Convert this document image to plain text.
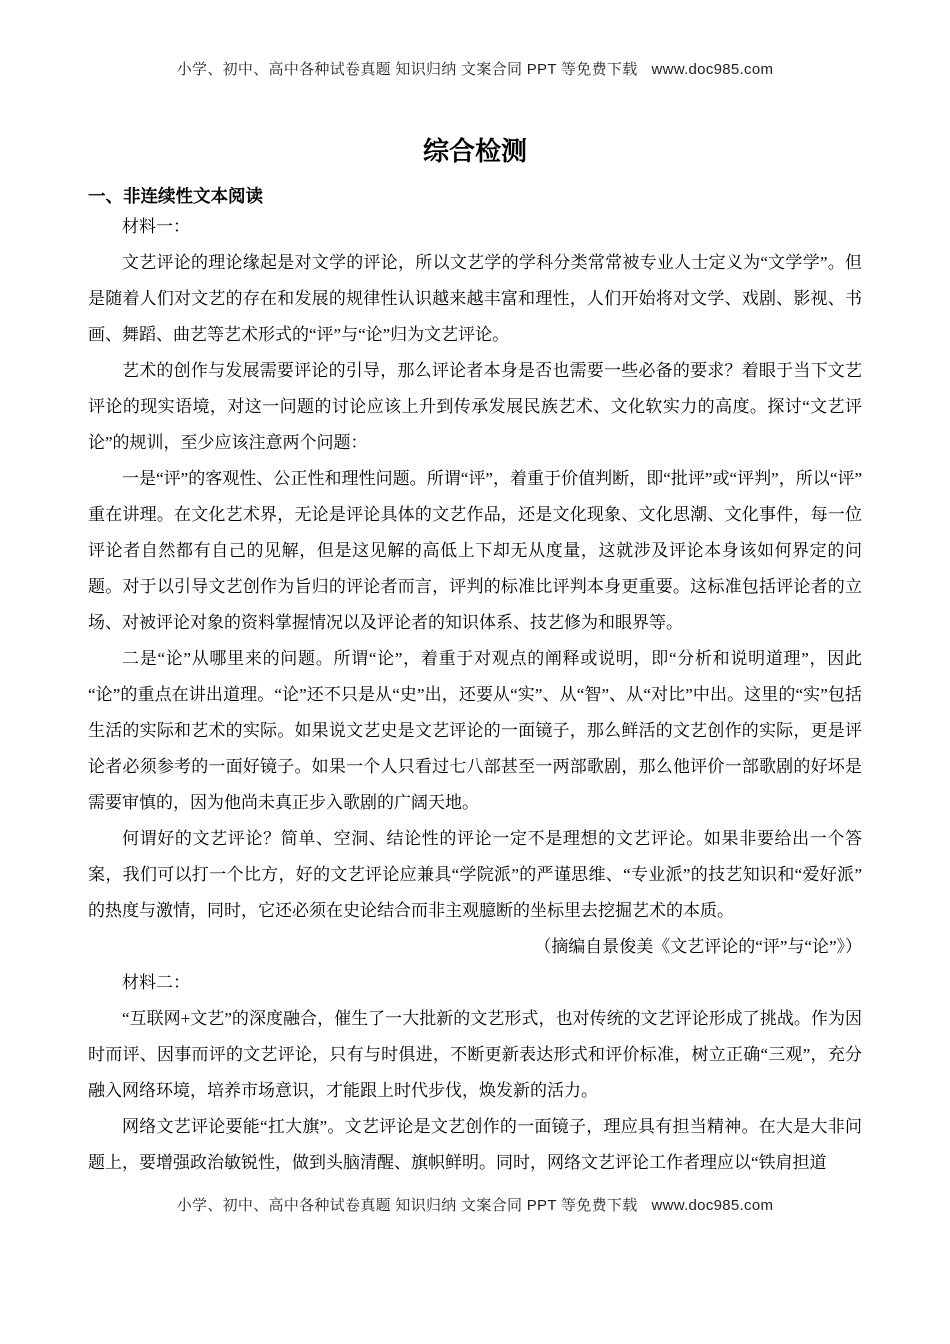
小学、初中、高中各种试卷真题 知识归纳 文案合同 PPT 等免费下载 www.doc985.com
综合检测
一、非连续性文本阅读

材料一：

文艺评论的理论缘起是对文学的评论，所以文艺学的学科分类常常被专业人士定义为“文学学”。但是随着人们对文艺的存在和发展的规律性认识越来越丰富和理性，人们开始将对文学、戏剧、影视、书画、舞蹈、曲艺等艺术形式的“评”与“论”归为文艺评论。

艺术的创作与发展需要评论的引导，那么评论者本身是否也需要一些必备的要求？着眼于当下文艺评论的现实语境，对这一问题的讨论应该上升到传承发展民族艺术、文化软实力的高度。探讨“文艺评论”的规训，至少应该注意两个问题：

一是“评”的客观性、公正性和理性问题。所谓“评”，着重于价值判断，即“批评”或“评判”，所以“评”重在讲理。在文化艺术界，无论是评论具体的文艺作品，还是文化现象、文化思潮、文化事件，每一位评论者自然都有自己的见解，但是这见解的高低上下却无从度量，这就涉及评论本身该如何界定的问题。对于以引导文艺创作为旨归的评论者而言，评判的标准比评判本身更重要。这标准包括评论者的立场、对被评论对象的资料掌握情况以及评论者的知识体系、技艺修为和眼界等。

二是“论”从哪里来的问题。所谓“论”，着重于对观点的阐释或说明，即“分析和说明道理”，因此“论”的重点在讲出道理。“论”还不只是从“史”出，还要从“实”、从“智”、从“对比”中出。这里的“实”包括生活的实际和艺术的实际。如果说文艺史是文艺评论的一面镜子，那么鲜活的文艺创作的实际，更是评论者必须参考的一面好镜子。如果一个人只看过七八部甚至一两部歌剧，那么他评价一部歌剧的好坏是需要审慎的，因为他尚未真正步入歌剧的广阔天地。

何谓好的文艺评论？简单、空洞、结论性的评论一定不是理想的文艺评论。如果非要给出一个答案，我们可以打一个比方，好的文艺评论应兼具“学院派”的严谨思维、“专业派”的技艺知识和“爱好派”的热度与激情，同时，它还必须在史论结合而非主观臆断的坐标里去挖掘艺术的本质。

（摘编自景俊美《文艺评论的“评”与“论”》）

材料二：

“互联网+文艺”的深度融合，催生了一大批新的文艺形式，也对传统的文艺评论形成了挑战。作为因时而评、因事而评的文艺评论，只有与时俱进，不断更新表达形式和评价标准，树立正确“三观”，充分融入网络环境，培养市场意识，才能跟上时代步伐，焕发新的活力。

网络文艺评论要能“扛大旗”。文艺评论是文艺创作的一面镜子，理应具有担当精神。在大是大非问题上，要增强政治敏锐性，做到头脑清醒、旗帜鲜明。同时，网络文艺评论工作者理应以“铁肩担道

小学、初中、高中各种试卷真题 知识归纳 文案合同 PPT 等免费下载 www.doc985.com
